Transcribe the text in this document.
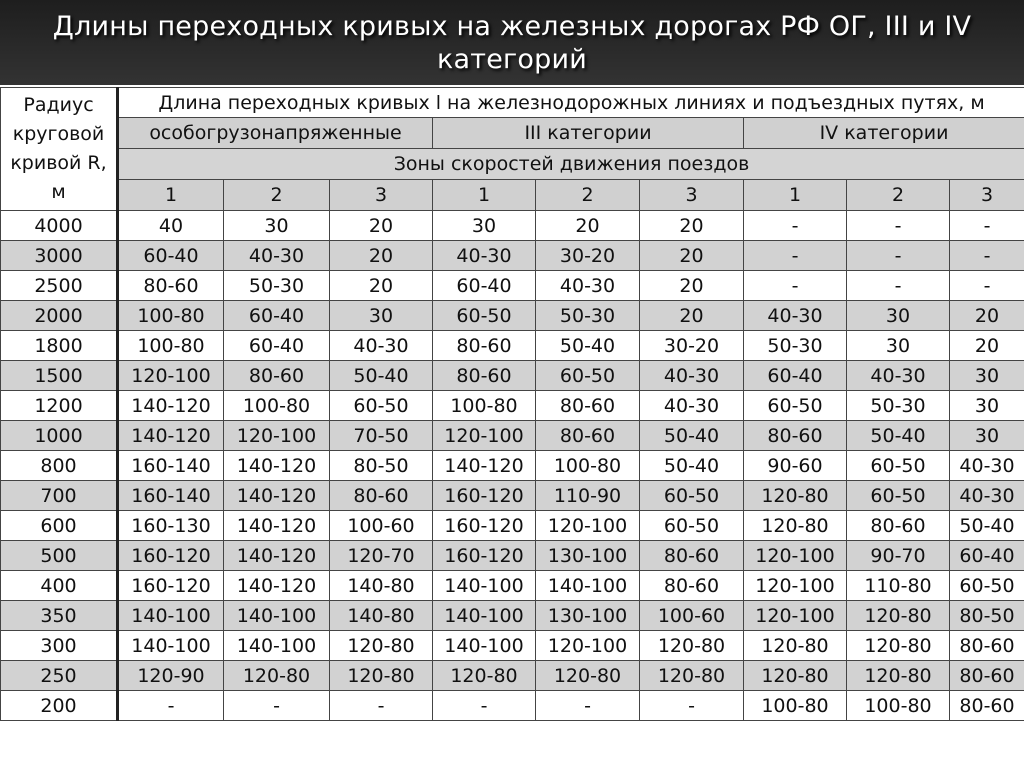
Длины переходных кривых на железных дорогах РФ ОГ, III и IV категорий
Радиус круговой кривой R, м	Длина переходных кривых l на железнодорожных линиях и подъездных путях, м								
	особогрузонапряженные			III категории			IV категории		
	Зоны скоростей движения поездов								
	1	2	3	1	2	3	1	2	3
4000	40	30	20	30	20	20	-	-	-
3000	60-40	40-30	20	40-30	30-20	20	-	-	-
2500	80-60	50-30	20	60-40	40-30	20	-	-	-
2000	100-80	60-40	30	60-50	50-30	20	40-30	30	20
1800	100-80	60-40	40-30	80-60	50-40	30-20	50-30	30	20
1500	120-100	80-60	50-40	80-60	60-50	40-30	60-40	40-30	30
1200	140-120	100-80	60-50	100-80	80-60	40-30	60-50	50-30	30
1000	140-120	120-100	70-50	120-100	80-60	50-40	80-60	50-40	30
800	160-140	140-120	80-50	140-120	100-80	50-40	90-60	60-50	40-30
700	160-140	140-120	80-60	160-120	110-90	60-50	120-80	60-50	40-30
600	160-130	140-120	100-60	160-120	120-100	60-50	120-80	80-60	50-40
500	160-120	140-120	120-70	160-120	130-100	80-60	120-100	90-70	60-40
400	160-120	140-120	140-80	140-100	140-100	80-60	120-100	110-80	60-50
350	140-100	140-100	140-80	140-100	130-100	100-60	120-100	120-80	80-50
300	140-100	140-100	120-80	140-100	120-100	120-80	120-80	120-80	80-60
250	120-90	120-80	120-80	120-80	120-80	120-80	120-80	120-80	80-60
200	-	-	-	-	-	-	100-80	100-80	80-60
